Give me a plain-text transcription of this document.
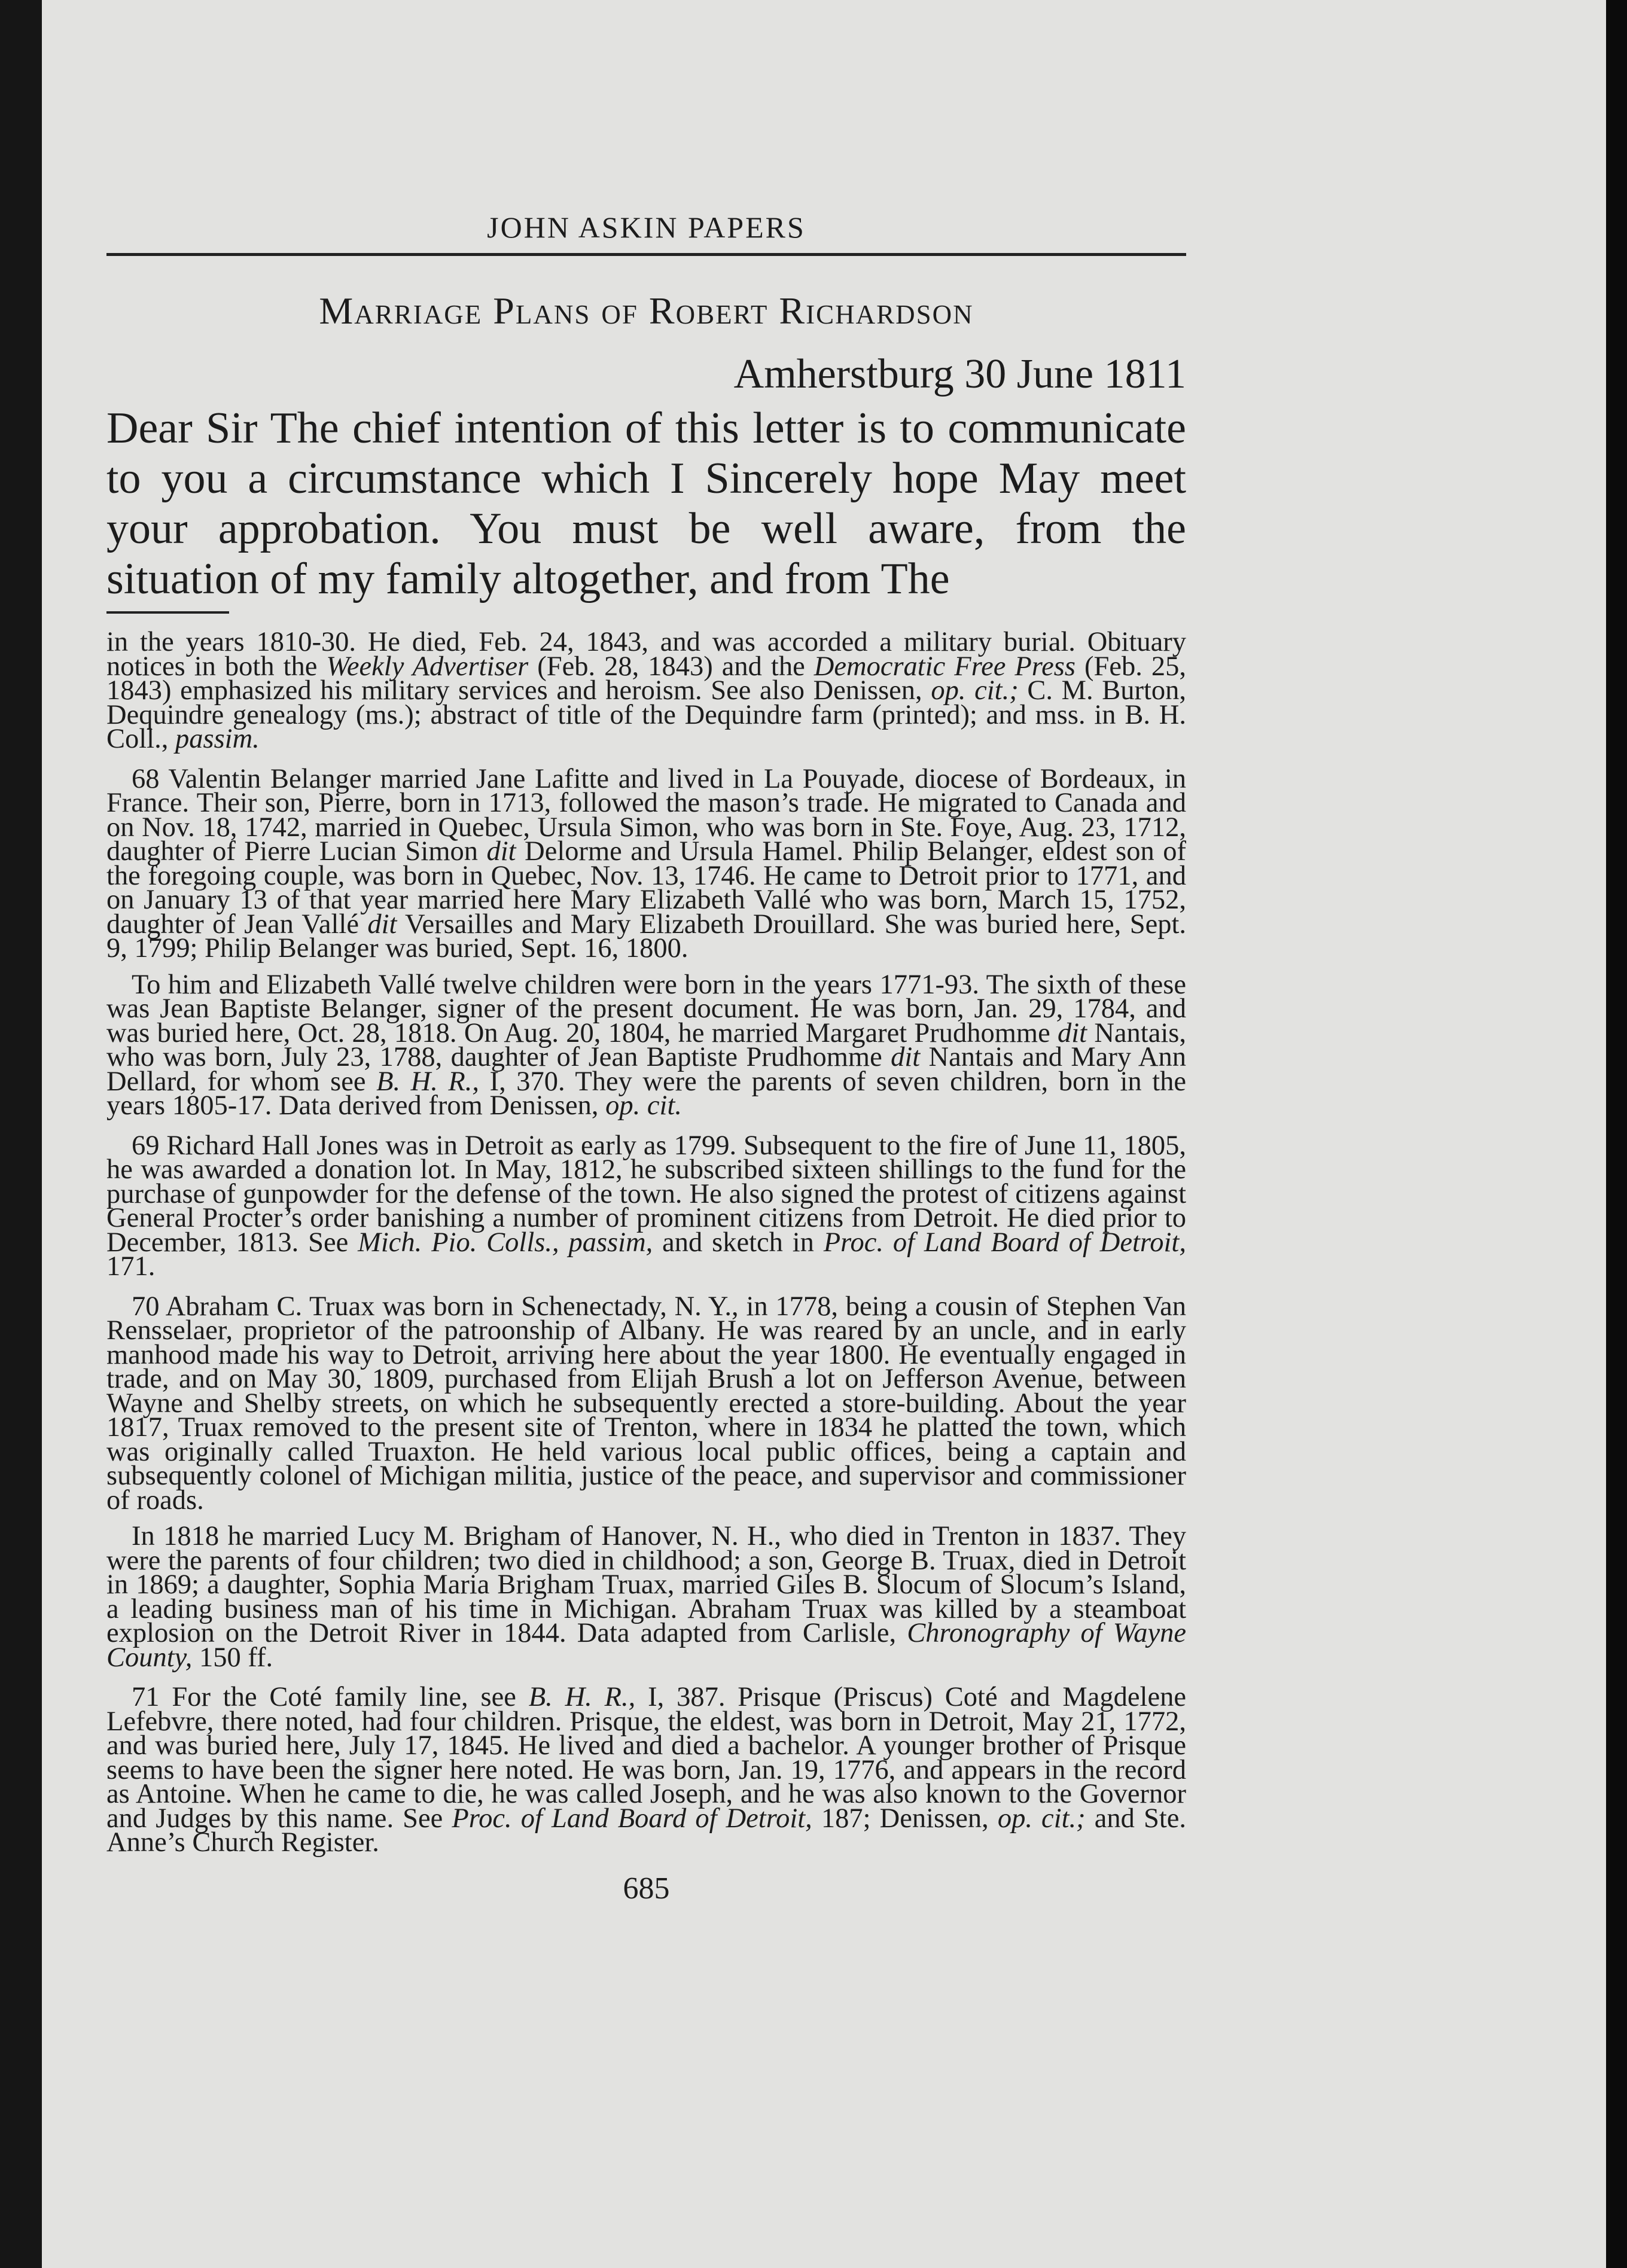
JOHN ASKIN PAPERS
Marriage Plans of Robert Richardson
Amherstburg 30 June 1811

Dear Sir The chief intention of this letter is to communicate to you a circumstance which I Sincerely hope May meet your approbation. You must be well aware, from the situation of my family altogether, and from The

in the years 1810-30. He died, Feb. 24, 1843, and was accorded a military burial. Obituary notices in both the Weekly Advertiser (Feb. 28, 1843) and the Democratic Free Press (Feb. 25, 1843) emphasized his military services and heroism. See also Denissen, op. cit.; C. M. Burton, Dequindre genealogy (ms.); abstract of title of the Dequindre farm (printed); and mss. in B. H. Coll., passim.

68 Valentin Belanger married Jane Lafitte and lived in La Pouyade, diocese of Bordeaux, in France. Their son, Pierre, born in 1713, followed the mason’s trade. He migrated to Canada and on Nov. 18, 1742, married in Quebec, Ursula Simon, who was born in Ste. Foye, Aug. 23, 1712, daughter of Pierre Lucian Simon dit Delorme and Ursula Hamel. Philip Belanger, eldest son of the foregoing couple, was born in Quebec, Nov. 13, 1746. He came to Detroit prior to 1771, and on January 13 of that year married here Mary Elizabeth Vallé who was born, March 15, 1752, daughter of Jean Vallé dit Versailles and Mary Elizabeth Drouillard. She was buried here, Sept. 9, 1799; Philip Belanger was buried, Sept. 16, 1800.

To him and Elizabeth Vallé twelve children were born in the years 1771-93. The sixth of these was Jean Baptiste Belanger, signer of the present document. He was born, Jan. 29, 1784, and was buried here, Oct. 28, 1818. On Aug. 20, 1804, he married Margaret Prudhomme dit Nantais, who was born, July 23, 1788, daughter of Jean Baptiste Prudhomme dit Nantais and Mary Ann Dellard, for whom see B. H. R., I, 370. They were the parents of seven children, born in the years 1805-17. Data derived from Denissen, op. cit.

69 Richard Hall Jones was in Detroit as early as 1799. Subsequent to the fire of June 11, 1805, he was awarded a donation lot. In May, 1812, he subscribed sixteen shillings to the fund for the purchase of gunpowder for the defense of the town. He also signed the protest of citizens against General Procter’s order banishing a number of prominent citizens from Detroit. He died prior to December, 1813. See Mich. Pio. Colls., passim, and sketch in Proc. of Land Board of Detroit, 171.

70 Abraham C. Truax was born in Schenectady, N. Y., in 1778, being a cousin of Stephen Van Rensselaer, proprietor of the patroonship of Albany. He was reared by an uncle, and in early manhood made his way to Detroit, arriving here about the year 1800. He eventually engaged in trade, and on May 30, 1809, purchased from Elijah Brush a lot on Jefferson Avenue, between Wayne and Shelby streets, on which he subsequently erected a store-building. About the year 1817, Truax removed to the present site of Trenton, where in 1834 he platted the town, which was originally called Truaxton. He held various local public offices, being a captain and subsequently colonel of Michigan militia, justice of the peace, and supervisor and commissioner of roads.

In 1818 he married Lucy M. Brigham of Hanover, N. H., who died in Trenton in 1837. They were the parents of four children; two died in childhood; a son, George B. Truax, died in Detroit in 1869; a daughter, Sophia Maria Brigham Truax, married Giles B. Slocum of Slocum’s Island, a leading business man of his time in Michigan. Abraham Truax was killed by a steamboat explosion on the Detroit River in 1844. Data adapted from Carlisle, Chronography of Wayne County, 150 ff.

71 For the Coté family line, see B. H. R., I, 387. Prisque (Priscus) Coté and Magdelene Lefebvre, there noted, had four children. Prisque, the eldest, was born in Detroit, May 21, 1772, and was buried here, July 17, 1845. He lived and died a bachelor. A younger brother of Prisque seems to have been the signer here noted. He was born, Jan. 19, 1776, and appears in the record as Antoine. When he came to die, he was called Joseph, and he was also known to the Governor and Judges by this name. See Proc. of Land Board of Detroit, 187; Denissen, op. cit.; and Ste. Anne’s Church Register.

685
